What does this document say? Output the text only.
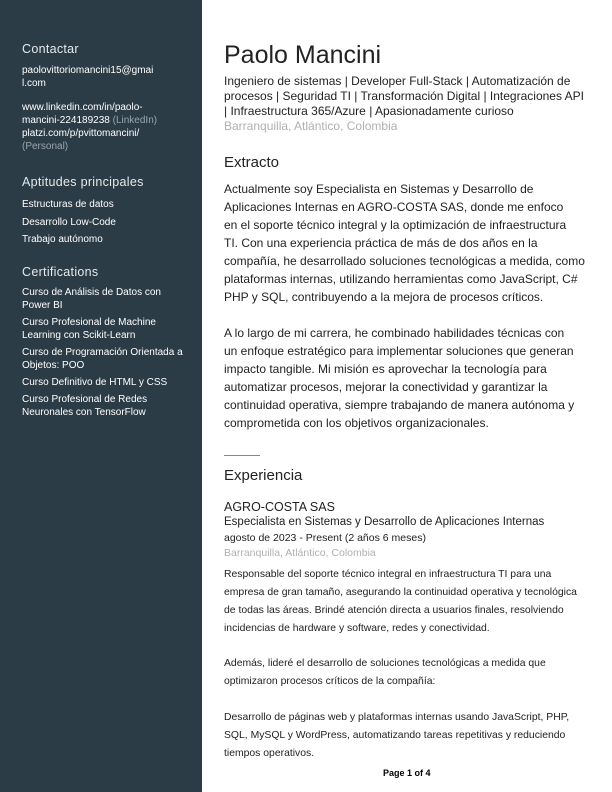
Contactar
paolovittoriomancini15@gmai
l.com
www.linkedin.com/in/paolo-
mancini-224189238 (LinkedIn)
platzi.com/p/pvittomancini/
(Personal)
Aptitudes principales
Estructuras de datos
Desarrollo Low-Code
Trabajo autónomo
Certifications
Curso de Análisis de Datos con
Power BI
Curso Profesional de Machine
Learning con Scikit-Learn
Curso de Programación Orientada a
Objetos: POO
Curso Definitivo de HTML y CSS
Curso Profesional de Redes
Neuronales con TensorFlow
Paolo Mancini
Ingeniero de sistemas | Developer Full-Stack | Automatización de
procesos | Seguridad TI | Transformación Digital | Integraciones API
| Infraestructura 365/Azure | Apasionadamente curioso
Barranquilla, Atlántico, Colombia
Extracto
Actualmente soy Especialista en Sistemas y Desarrollo de
Aplicaciones Internas en AGRO-COSTA SAS, donde me enfoco
en el soporte técnico integral y la optimización de infraestructura
TI. Con una experiencia práctica de más de dos años en la
compañía, he desarrollado soluciones tecnológicas a medida, como
plataformas internas, utilizando herramientas como JavaScript, C#
PHP y SQL, contribuyendo a la mejora de procesos críticos.
A lo largo de mi carrera, he combinado habilidades técnicas con
un enfoque estratégico para implementar soluciones que generan
impacto tangible. Mi misión es aprovechar la tecnología para
automatizar procesos, mejorar la conectividad y garantizar la
continuidad operativa, siempre trabajando de manera autónoma y
comprometida con los objetivos organizacionales.
Experiencia
AGRO-COSTA SAS
Especialista en Sistemas y Desarrollo de Aplicaciones Internas
agosto de 2023 - Present (2 años 6 meses)
Barranquilla, Atlántico, Colombia
Responsable del soporte técnico integral en infraestructura TI para una
empresa de gran tamaño, asegurando la continuidad operativa y tecnológica
de todas las áreas. Brindé atención directa a usuarios finales, resolviendo
incidencias de hardware y software, redes y conectividad.
Además, lideré el desarrollo de soluciones tecnológicas a medida que
optimizaron procesos críticos de la compañía:
Desarrollo de páginas web y plataformas internas usando JavaScript, PHP,
SQL, MySQL y WordPress, automatizando tareas repetitivas y reduciendo
tiempos operativos.
Page 1 of 4
